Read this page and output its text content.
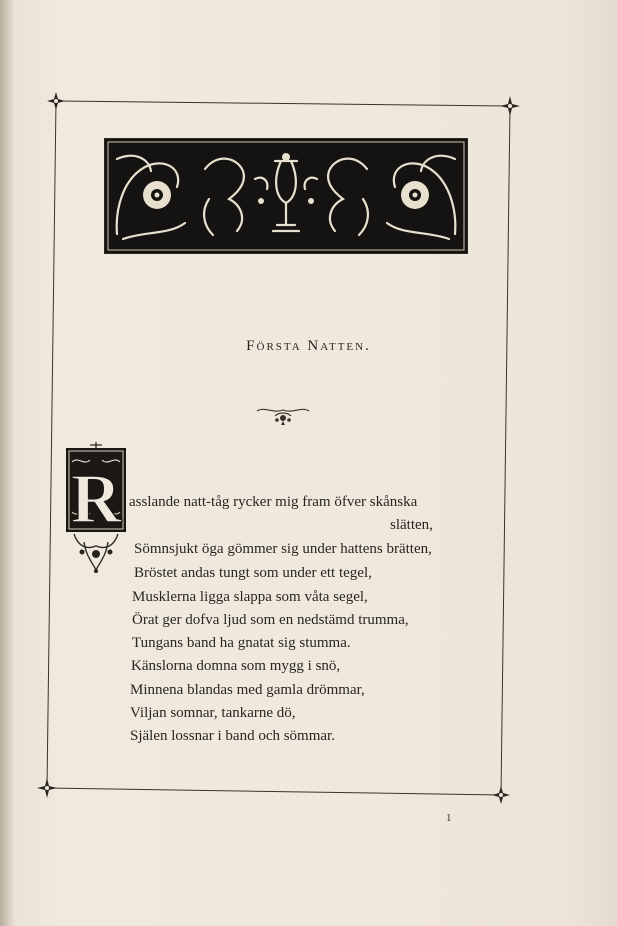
Första Natten.
R asslande natt-tåg rycker mig fram öfver skånska
slätten,
Sömnsjukt öga gömmer sig under hattens brätten,
Bröstet andas tungt som under ett tegel,
Musklerna ligga slappa som våta segel,
Örat ger dofva ljud som en nedstämd trumma,
Tungans band ha gnatat sig stumma.
Känslorna domna som mygg i snö,
Minnena blandas med gamla drömmar,
Viljan somnar, tankarne dö,
Själen lossnar i band och sömmar.
1
